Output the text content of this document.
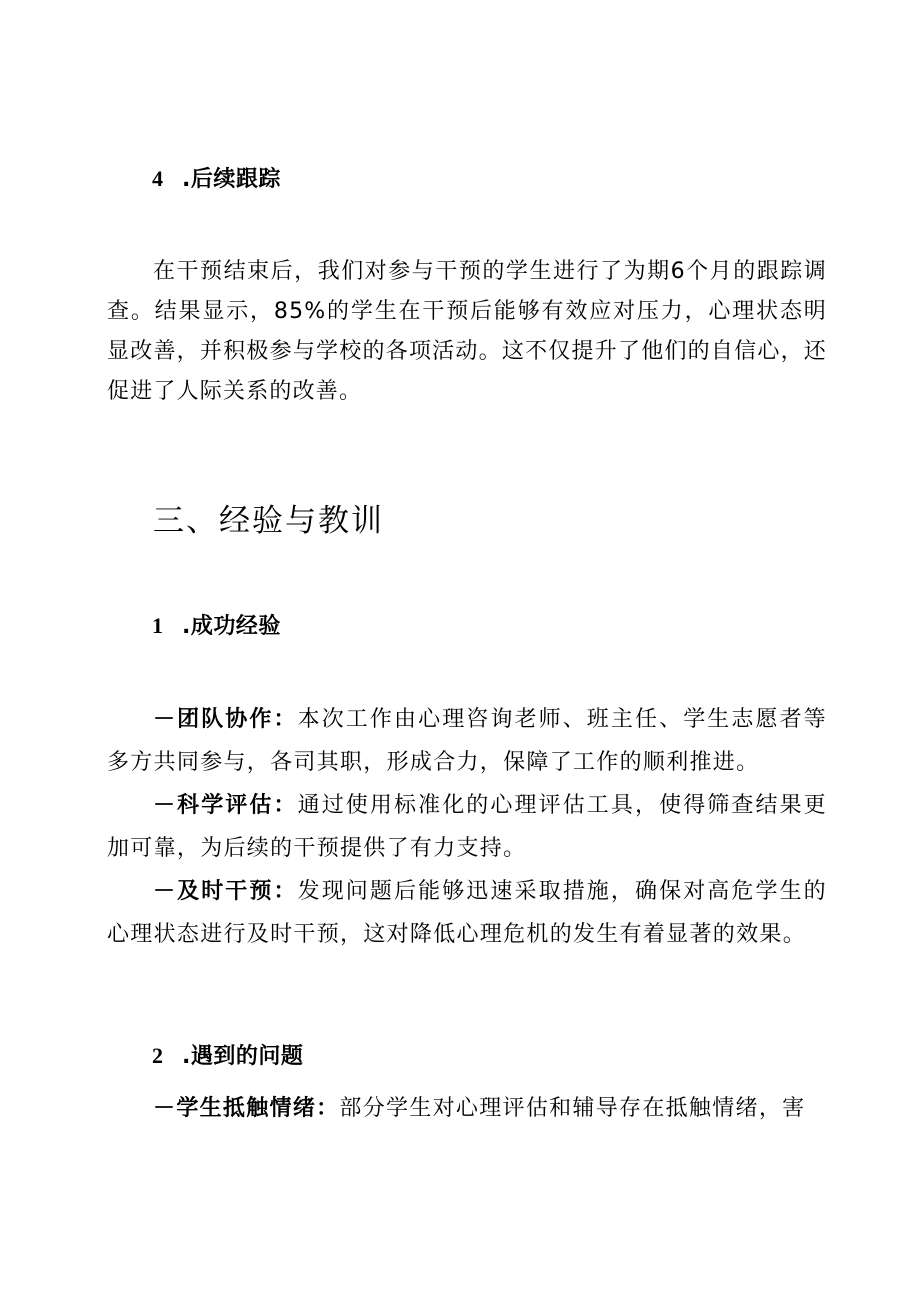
4 .后续跟踪

在干预结束后，我们对参与干预的学生进行了为期6个月的跟踪调查。结果显示，85%的学生在干预后能够有效应对压力，心理状态明显改善，并积极参与学校的各项活动。这不仅提升了他们的自信心，还促进了人际关系的改善。

三、经验与教训
1 .成功经验

－团队协作：本次工作由心理咨询老师、班主任、学生志愿者等多方共同参与，各司其职，形成合力，保障了工作的顺利推进。

－科学评估：通过使用标准化的心理评估工具，使得筛查结果更加可靠，为后续的干预提供了有力支持。

－及时干预：发现问题后能够迅速采取措施，确保对高危学生的心理状态进行及时干预，这对降低心理危机的发生有着显著的效果。

2 .遇到的问题

－学生抵触情绪：部分学生对心理评估和辅导存在抵触情绪，害
